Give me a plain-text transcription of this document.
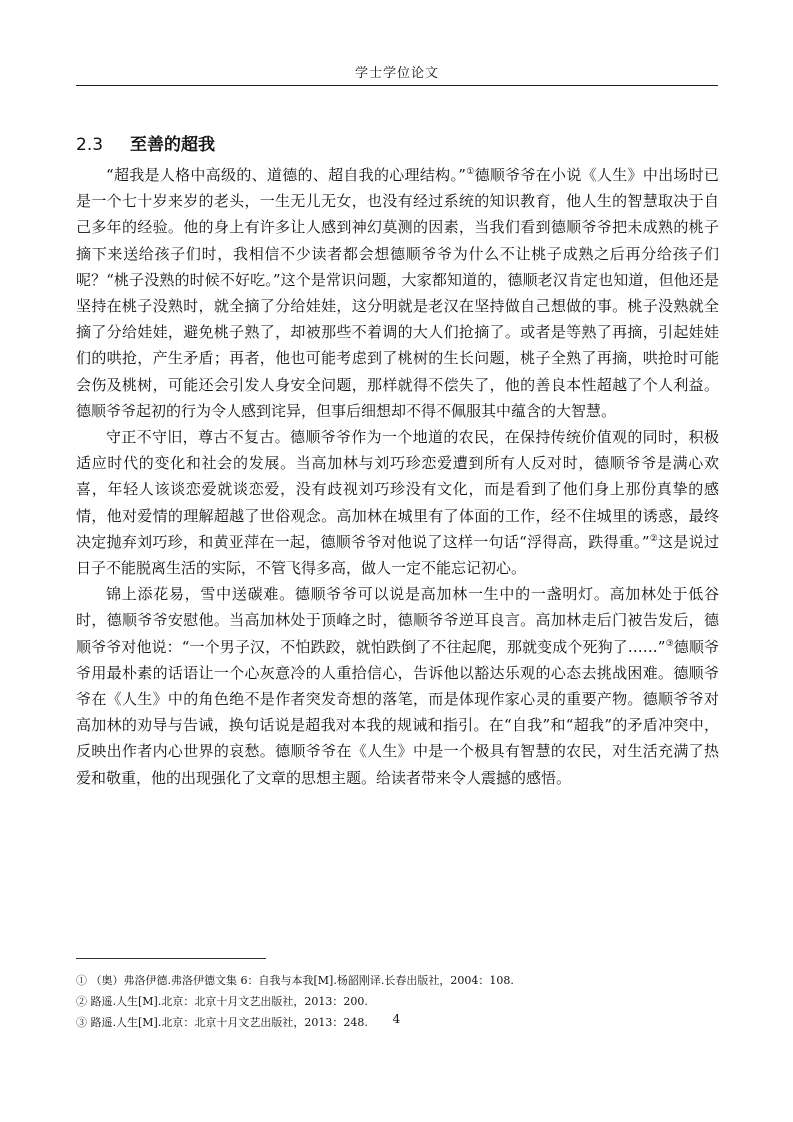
学士学位论文
2.3 至善的超我

“超我是人格中高级的、道德的、超自我的心理结构。”①德顺爷爷在小说《人生》中出场时已是一个七十岁来岁的老头，一生无儿无女，也没有经过系统的知识教育，他人生的智慧取决于自己多年的经验。他的身上有许多让人感到神幻莫测的因素，当我们看到德顺爷爷把未成熟的桃子摘下来送给孩子们时，我相信不少读者都会想德顺爷爷为什么不让桃子成熟之后再分给孩子们呢？“桃子没熟的时候不好吃。”这个是常识问题，大家都知道的，德顺老汉肯定也知道，但他还是坚持在桃子没熟时，就全摘了分给娃娃，这分明就是老汉在坚持做自己想做的事。桃子没熟就全摘了分给娃娃，避免桃子熟了，却被那些不着调的大人们抢摘了。或者是等熟了再摘，引起娃娃们的哄抢，产生矛盾；再者，他也可能考虑到了桃树的生长问题，桃子全熟了再摘，哄抢时可能会伤及桃树，可能还会引发人身安全问题，那样就得不偿失了，他的善良本性超越了个人利益。德顺爷爷起初的行为令人感到诧异，但事后细想却不得不佩服其中蕴含的大智慧。

守正不守旧，尊古不复古。德顺爷爷作为一个地道的农民，在保持传统价值观的同时，积极适应时代的变化和社会的发展。当高加林与刘巧珍恋爱遭到所有人反对时，德顺爷爷是满心欢喜，年轻人该谈恋爱就谈恋爱，没有歧视刘巧珍没有文化，而是看到了他们身上那份真挚的感情，他对爱情的理解超越了世俗观念。高加林在城里有了体面的工作，经不住城里的诱惑，最终决定抛弃刘巧珍，和黄亚萍在一起，德顺爷爷对他说了这样一句话“浮得高，跌得重。”②这是说过日子不能脱离生活的实际，不管飞得多高，做人一定不能忘记初心。

锦上添花易，雪中送碳难。德顺爷爷可以说是高加林一生中的一盏明灯。高加林处于低谷时，德顺爷爷安慰他。当高加林处于顶峰之时，德顺爷爷逆耳良言。高加林走后门被告发后，德顺爷爷对他说：“一个男子汉，不怕跌跤，就怕跌倒了不往起爬，那就变成个死狗了……”③德顺爷爷用最朴素的话语让一个心灰意冷的人重拾信心，告诉他以豁达乐观的心态去挑战困难。德顺爷爷在《人生》中的角色绝不是作者突发奇想的落笔，而是体现作家心灵的重要产物。德顺爷爷对高加林的劝导与告诫，换句话说是超我对本我的规诫和指引。在“自我”和“超我”的矛盾冲突中，反映出作者内心世界的哀愁。德顺爷爷在《人生》中是一个极具有智慧的农民，对生活充满了热爱和敬重，他的出现强化了文章的思想主题。给读者带来令人震撼的感悟。

① （奥）弗洛伊德.弗洛伊德文集 6：自我与本我[M].杨韶刚译.长春出版社，2004：108.
② 路遥.人生[M].北京：北京十月文艺出版社，2013：200.
③ 路遥.人生[M].北京：北京十月文艺出版社，2013：248.	4
